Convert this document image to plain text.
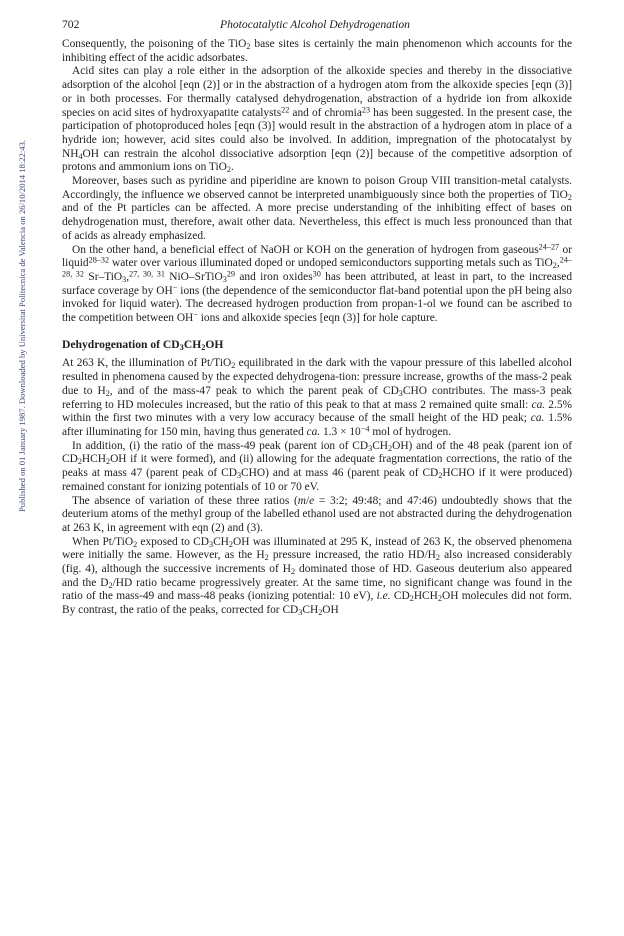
702	Photocatalytic Alcohol Dehydrogenation
Published on 01 January 1987. Downloaded by Universitat Politecnica de Valencia on 26/10/2014 18:22:43.

Consequently, the poisoning of the TiO$_2$ base sites is certainly the main phenomenon which accounts for the inhibiting effect of the acidic adsorbates.

Acid sites can play a role either in the adsorption of the alkoxide species and thereby in the dissociative adsorption of the alcohol [eqn (2)] or in the abstraction of a hydrogen atom from the alkoxide species [eqn (3)] or in both processes. For thermally catalysed dehydrogenation, abstraction of a hydride ion from alkoxide species on acid sites of hydroxyapatite catalysts$^{22}$ and of chromia$^{23}$ has been suggested. In the present case, the participation of photoproduced holes [eqn (3)] would result in the abstraction of a hydrogen atom in place of a hydride ion; however, acid sites could also be involved. In addition, impregnation of the photocatalyst by $NH_4OH$ can restrain the alcohol dissociative adsorption [eqn (2)] because of the competitive adsorption of protons and ammonium ions on TiO$_2$.

Moreover, bases such as pyridine and piperidine are known to poison Group VIII transition-metal catalysts. Accordingly, the influence we observed cannot be interpreted unambiguously since both the properties of TiO$_2$ and of the Pt particles can be affected. A more precise understanding of the inhibiting effect of bases on dehydrogenation must, therefore, await other data. Nevertheless, this effect is much less pronounced than that of acids as already emphasized.

On the other hand, a beneficial effect of NaOH or KOH on the generation of hydrogen from gaseous$^{24-27}$ or liquid$^{28-32}$ water over various illuminated doped or undoped semiconductors supporting metals such as TiO$_2$,$^{24-28, 32}$ Sr–TiO$_3$,$^{27, 30, 31}$ NiO–SrTiO$_3^{29}$ and iron oxides$^{30}$ has been attributed, at least in part, to the increased surface coverage by OH− ions (the dependence of the semiconductor flat-band potential upon the pH being also invoked for liquid water). The decreased hydrogen production from propan-1-ol we found can be ascribed to the competition between OH− ions and alkoxide species [eqn (3)] for hole capture.

Dehydrogenation of $CD_3CH_2OH$

At 263 K, the illumination of Pt/TiO$_2$ equilibrated in the dark with the vapour pressure of this labelled alcohol resulted in phenomena caused by the expected dehydrogena-tion: pressure increase, growths of the mass-2 peak due to $H_2$, and of the mass-47 peak to which the parent peak of $CD_3CHO$ contributes. The mass-3 peak referring to HD molecules increased, but the ratio of this peak to that at mass 2 remained quite small: ca. 2.5% within the first two minutes with a very low accuracy because of the small height of the HD peak; ca. 1.5% after illuminating for 150 min, having thus generated ca. $1.3 \times 10^{-4}$ mol of hydrogen.

In addition, (i) the ratio of the mass-49 peak (parent ion of $CD_3CH_2OH$) and of the 48 peak (parent ion of $CD_2HCH_2OH$ if it were formed), and (ii) allowing for the adequate fragmentation corrections, the ratio of the peaks at mass 47 (parent peak of $CD_3CHO$) and at mass 46 (parent peak of $CD_2HCHO$ if it were produced) remained constant for ionizing potentials of 10 or 70 eV.

The absence of variation of these three ratios (m/e = 3:2; 49:48; and 47:46) undoubtedly shows that the deuterium atoms of the methyl group of the labelled ethanol used are not abstracted during the dehydrogenation at 263 K, in agreement with eqn (2) and (3).

When Pt/TiO$_2$ exposed to $CD_3CH_2OH$ was illuminated at 295 K, instead of 263 K, the observed phenomena were initially the same. However, as the $H_2$ pressure increased, the ratio $HD/H_2$ also increased considerably (fig. 4), although the successive increments of $H_2$ dominated those of HD. Gaseous deuterium also appeared and the $D_2/HD$ ratio became progressively greater. At the same time, no significant change was found in the ratio of the mass-49 and mass-48 peaks (ionizing potential: 10 eV), i.e. $CD_2HCH_2OH$ molecules did not form. By contrast, the ratio of the peaks, corrected for $CD_3CH_2OH$
